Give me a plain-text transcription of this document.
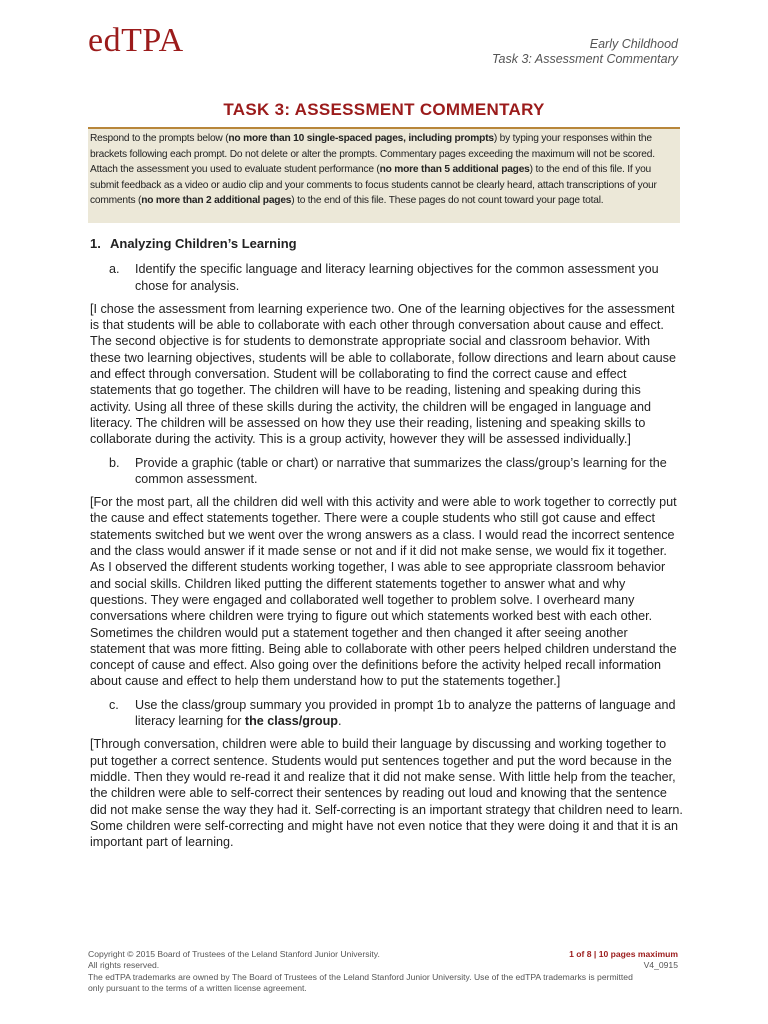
edTPA	Early Childhood
Task 3: Assessment Commentary
TASK 3: ASSESSMENT COMMENTARY
Respond to the prompts below (no more than 10 single-spaced pages, including prompts) by typing your responses within the brackets following each prompt. Do not delete or alter the prompts. Commentary pages exceeding the maximum will not be scored. Attach the assessment you used to evaluate student performance (no more than 5 additional pages) to the end of this file. If you submit feedback as a video or audio clip and your comments to focus students cannot be clearly heard, attach transcriptions of your comments (no more than 2 additional pages) to the end of this file. These pages do not count toward your page total.
1. Analyzing Children’s Learning
a.	Identify the specific language and literacy learning objectives for the common assessment you chose for analysis.
[I chose the assessment from learning experience two. One of the learning objectives for the assessment is that students will be able to collaborate with each other through conversation about cause and effect. The second objective is for students to demonstrate appropriate social and classroom behavior. With these two learning objectives, students will be able to collaborate, follow directions and learn about cause and effect through conversation. Student will be collaborating to find the correct cause and effect statements that go together. The children will have to be reading, listening and speaking during this activity. Using all three of these skills during the activity, the children will be engaged in language and literacy. The children will be assessed on how they use their reading, listening and speaking skills to collaborate during the activity. This is a group activity, however they will be assessed individually.]
b.	Provide a graphic (table or chart) or narrative that summarizes the class/group’s learning for the common assessment.
[For the most part, all the children did well with this activity and were able to work together to correctly put the cause and effect statements together. There were a couple students who still got cause and effect statements switched but we went over the wrong answers as a class. I would read the incorrect sentence and the class would answer if it made sense or not and if it did not make sense, we would fix it together. As I observed the different students working together, I was able to see appropriate classroom behavior and social skills. Children liked putting the different statements together to answer what and why questions. They were engaged and collaborated well together to problem solve. I overheard many conversations where children were trying to figure out which statements worked best with each other. Sometimes the children would put a statement together and then changed it after seeing another statement that was more fitting. Being able to collaborate with other peers helped children understand the concept of cause and effect. Also going over the definitions before the activity helped recall information about cause and effect to help them understand how to put the statements together.]
c.	Use the class/group summary you provided in prompt 1b to analyze the patterns of language and literacy learning for the class/group.
[Through conversation, children were able to build their language by discussing and working together to put together a correct sentence. Students would put sentences together and put the word because in the middle. Then they would re-read it and realize that it did not make sense. With little help from the teacher, the children were able to self-correct their sentences by reading out loud and knowing that the sentence did not make sense the way they had it. Self-correcting is an important strategy that children need to learn. Some children were self-correcting and might have not even notice that they were doing it and that it is an important part of learning.
Copyright © 2015 Board of Trustees of the Leland Stanford Junior University.
All rights reserved.
The edTPA trademarks are owned by The Board of Trustees of the Leland Stanford Junior University. Use of the edTPA trademarks is permitted only pursuant to the terms of a written license agreement.
1 of 8 | 10 pages maximum
V4_0915
